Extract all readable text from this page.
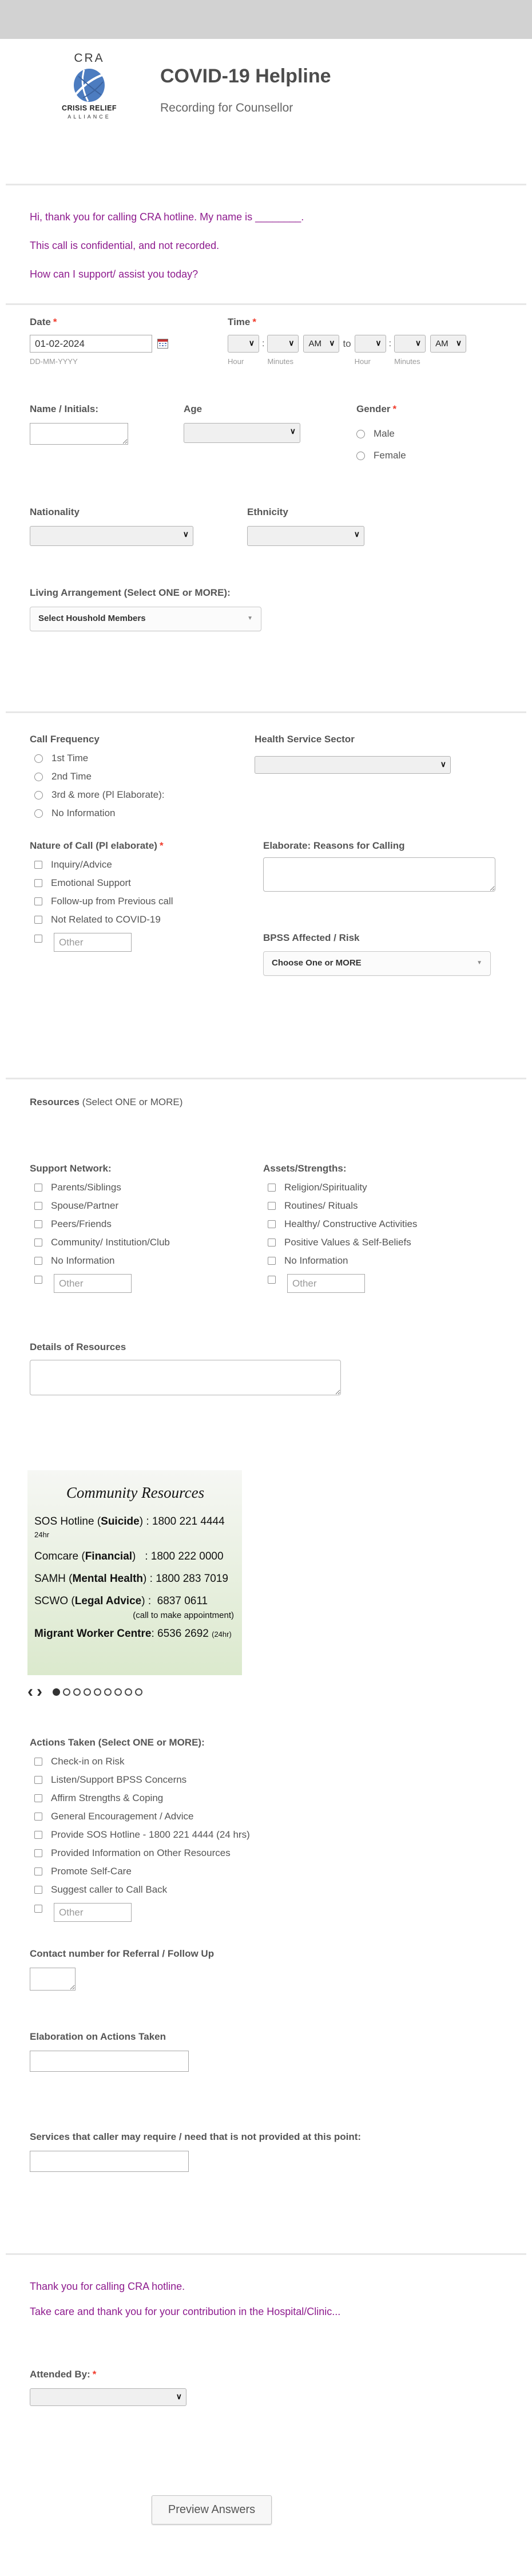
CRA
CRISIS RELIEF
ALLIANCE
COVID-19 Helpline
Recording for Counsellor

Hi, thank you for calling CRA hotline. My name is ________.

This call is confidential, and not recorded.

How can I support/ assist you today?

Date *
01-02-2024
DD-MM-YYYY
Time *
∨
Hour
:	∨
Minutes
AM ∨ to	∨
Hour
:	∨
Minutes
AM ∨
Name / Initials:	Age
∨
Gender *
Male
Female
Nationality
∨
Ethnicity
∨
Living Arrangement (Select ONE or MORE):
Select Houshold Members	▼
Call Frequency
1st Time
2nd Time
3rd & more (Pl Elaborate):
No Information
Health Service Sector
∨
Nature of Call (Pl elaborate) *
Inquiry/Advice
Emotional Support
Follow-up from Previous call
Not Related to COVID-19
Other
Elaborate: Reasons for Calling
BPSS Affected / Risk
Choose One or MORE	▼
Resources (Select ONE or MORE)
Support Network:
Parents/Siblings
Spouse/Partner
Peers/Friends
Community/ Institution/Club
No Information
Other
Assets/Strengths:
Religion/Spirituality
Routines/ Rituals
Healthy/ Constructive Activities
Positive Values & Self-Beliefs
No Information
Other
Details of Resources
Community Resources
SOS Hotline (Suicide) : 1800 221 4444 24hr
Comcare (Financial)   : 1800 222 0000
SAMH (Mental Health) : 1800 283 7019
SCWO (Legal Advice) :  6837 0611
(call to make appointment)
Migrant Worker Centre: 6536 2692 (24hr)
‹ ›
Actions Taken (Select ONE or MORE):
Check-in on Risk
Listen/Support BPSS Concerns
Affirm Strengths & Coping
General Encouragement / Advice
Provide SOS Hotline - 1800 221 4444 (24 hrs)
Provided Information on Other Resources
Promote Self-Care
Suggest caller to Call Back
Other
Contact number for Referral / Follow Up
Elaboration on Actions Taken
Services that caller may require / need that is not provided at this point:

Thank you for calling CRA hotline.

Take care and thank you for your contribution in the Hospital/Clinic...

Attended By: *
∨
Preview Answers
